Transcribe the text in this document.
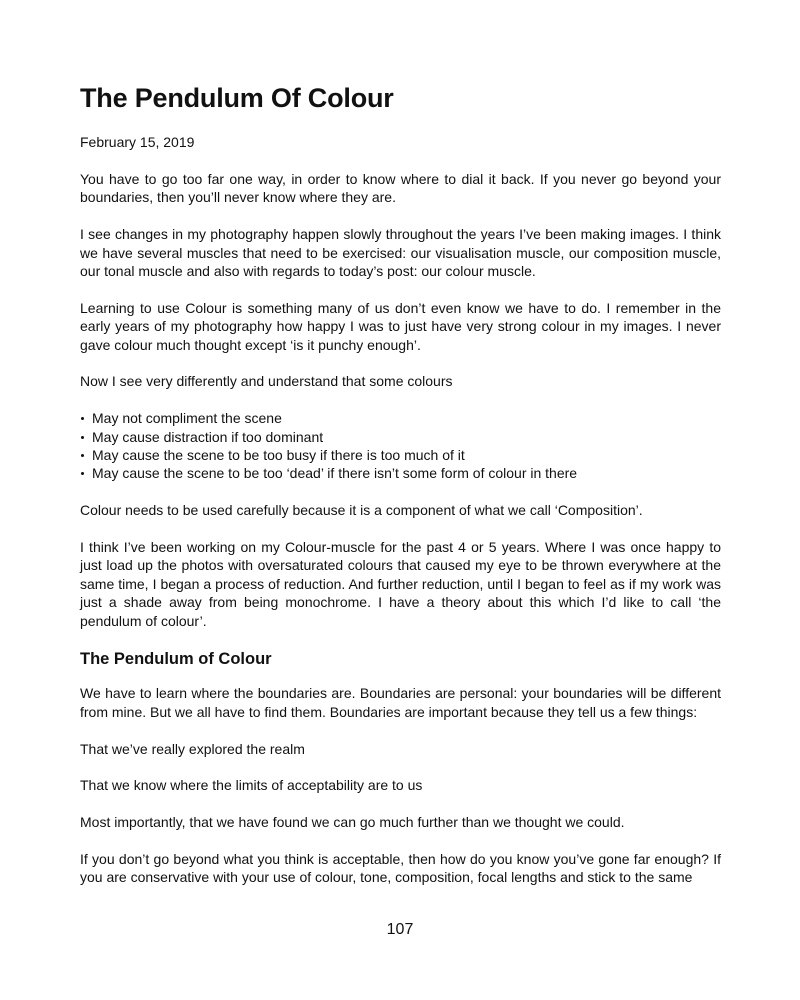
The Pendulum Of Colour
February 15, 2019

You have to go too far one way, in order to know where to dial it back. If you never go beyond your boundaries, then you’ll never know where they are.

I see changes in my photography happen slowly throughout the years I’ve been making images. I think we have several muscles that need to be exercised: our visualisation muscle, our composition muscle, our tonal muscle and also with regards to today’s post: our colour muscle.

Learning to use Colour is something many of us don’t even know we have to do. I remember in the early years of my photography how happy I was to just have very strong colour in my images. I never gave colour much thought except ‘is it punchy enough’.

Now I see very differently and understand that some colours

May not compliment the scene
May cause distraction if too dominant
May cause the scene to be too busy if there is too much of it
May cause the scene to be too ‘dead’ if there isn’t some form of colour in there

Colour needs to be used carefully because it is a component of what we call ‘Composition’.

I think I’ve been working on my Colour-muscle for the past 4 or 5 years. Where I was once happy to just load up the photos with oversaturated colours that caused my eye to be thrown everywhere at the same time, I began a process of reduction. And further reduction, until I began to feel as if my work was just a shade away from being monochrome. I have a theory about this which I’d like to call ‘the pendulum of colour’.

The Pendulum of Colour

We have to learn where the boundaries are. Boundaries are personal: your boundaries will be different from mine. But we all have to find them. Boundaries are important because they tell us a few things:

That we’ve really explored the realm

That we know where the limits of acceptability are to us

Most importantly, that we have found we can go much further than we thought we could.

If you don’t go beyond what you think is acceptable, then how do you know you’ve gone far enough? If you are conservative with your use of colour, tone, composition, focal lengths and stick to the same

107
